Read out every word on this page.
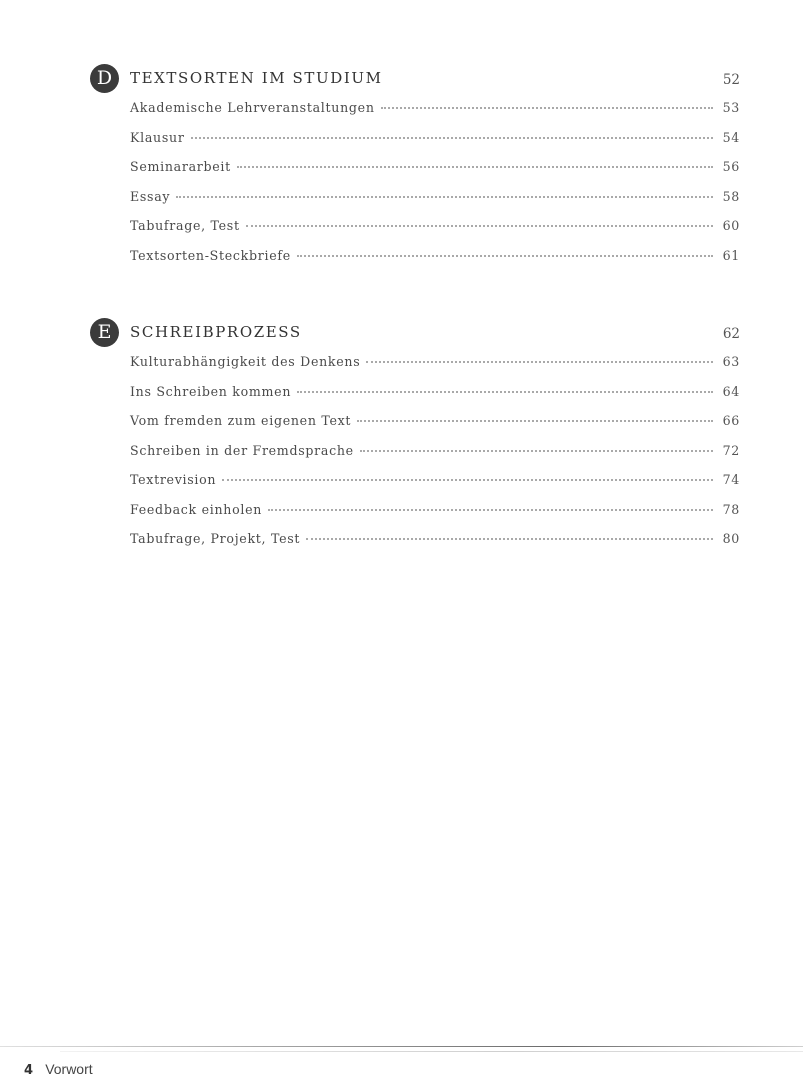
D	TEXTSORTEN IM STUDIUM	52
Akademische Lehrveranstaltungen	53
Klausur	54
Seminararbeit	56
Essay	58
Tabufrage, Test	60
Textsorten-Steckbriefe	61
E	SCHREIBPROZESS	62
Kulturabhängigkeit des Denkens	63
Ins Schreiben kommen	64
Vom fremden zum eigenen Text	66
Schreiben in der Fremdsprache	72
Textrevision	74
Feedback einholen	78
Tabufrage, Projekt, Test	80
4 Vorwort
